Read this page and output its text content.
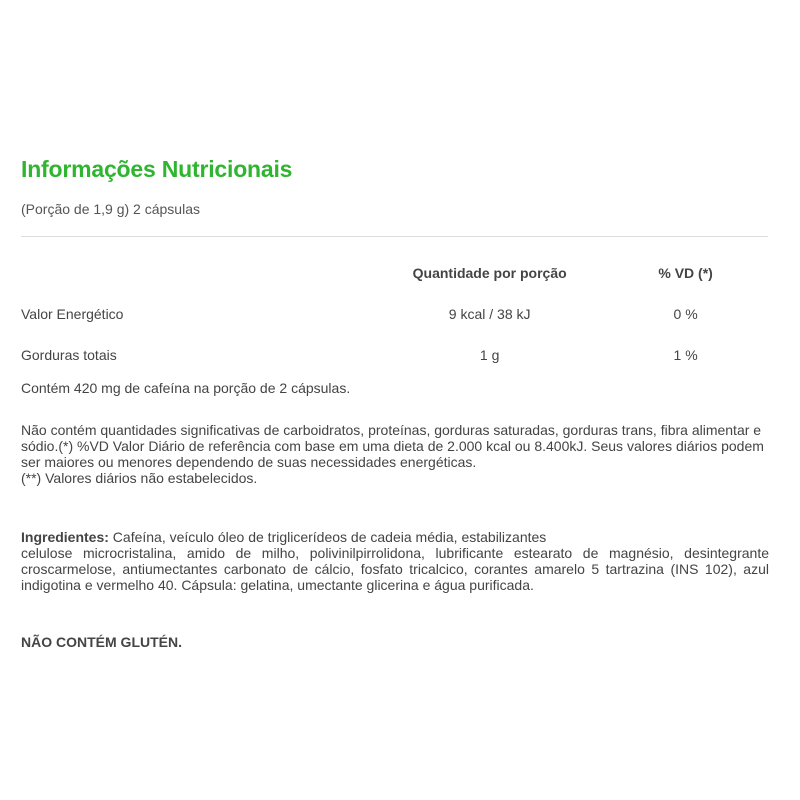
Informações Nutricionais
(Porção de 1,9 g) 2 cápsulas
	Quantidade por porção	% VD (*)
Valor Energético	9 kcal / 38 kJ	0 %
Gorduras totais	1 g	1 %
Contém 420 mg de cafeína na porção de 2 cápsulas.

Não contém quantidades significativas de carboidratos, proteínas, gorduras saturadas, gorduras trans, fibra alimentar e sódio.(*) %VD Valor Diário de referência com base em uma dieta de 2.000 kcal ou 8.400kJ. Seus valores diários podem ser maiores ou menores dependendo de suas necessidades energéticas.

(**) Valores diários não estabelecidos.

Ingredientes: Cafeína, veículo óleo de triglicerídeos de cadeia média, estabilizantes

celulose microcristalina, amido de milho, polivinilpirrolidona, lubrificante estearato de magnésio, desintegrante croscarmelose, antiumectantes carbonato de cálcio, fosfato tricalcico, corantes amarelo 5 tartrazina (INS 102), azul indigotina e vermelho 40. Cápsula: gelatina, umectante glicerina e água purificada.

NÃO CONTÉM GLUTÉN.
